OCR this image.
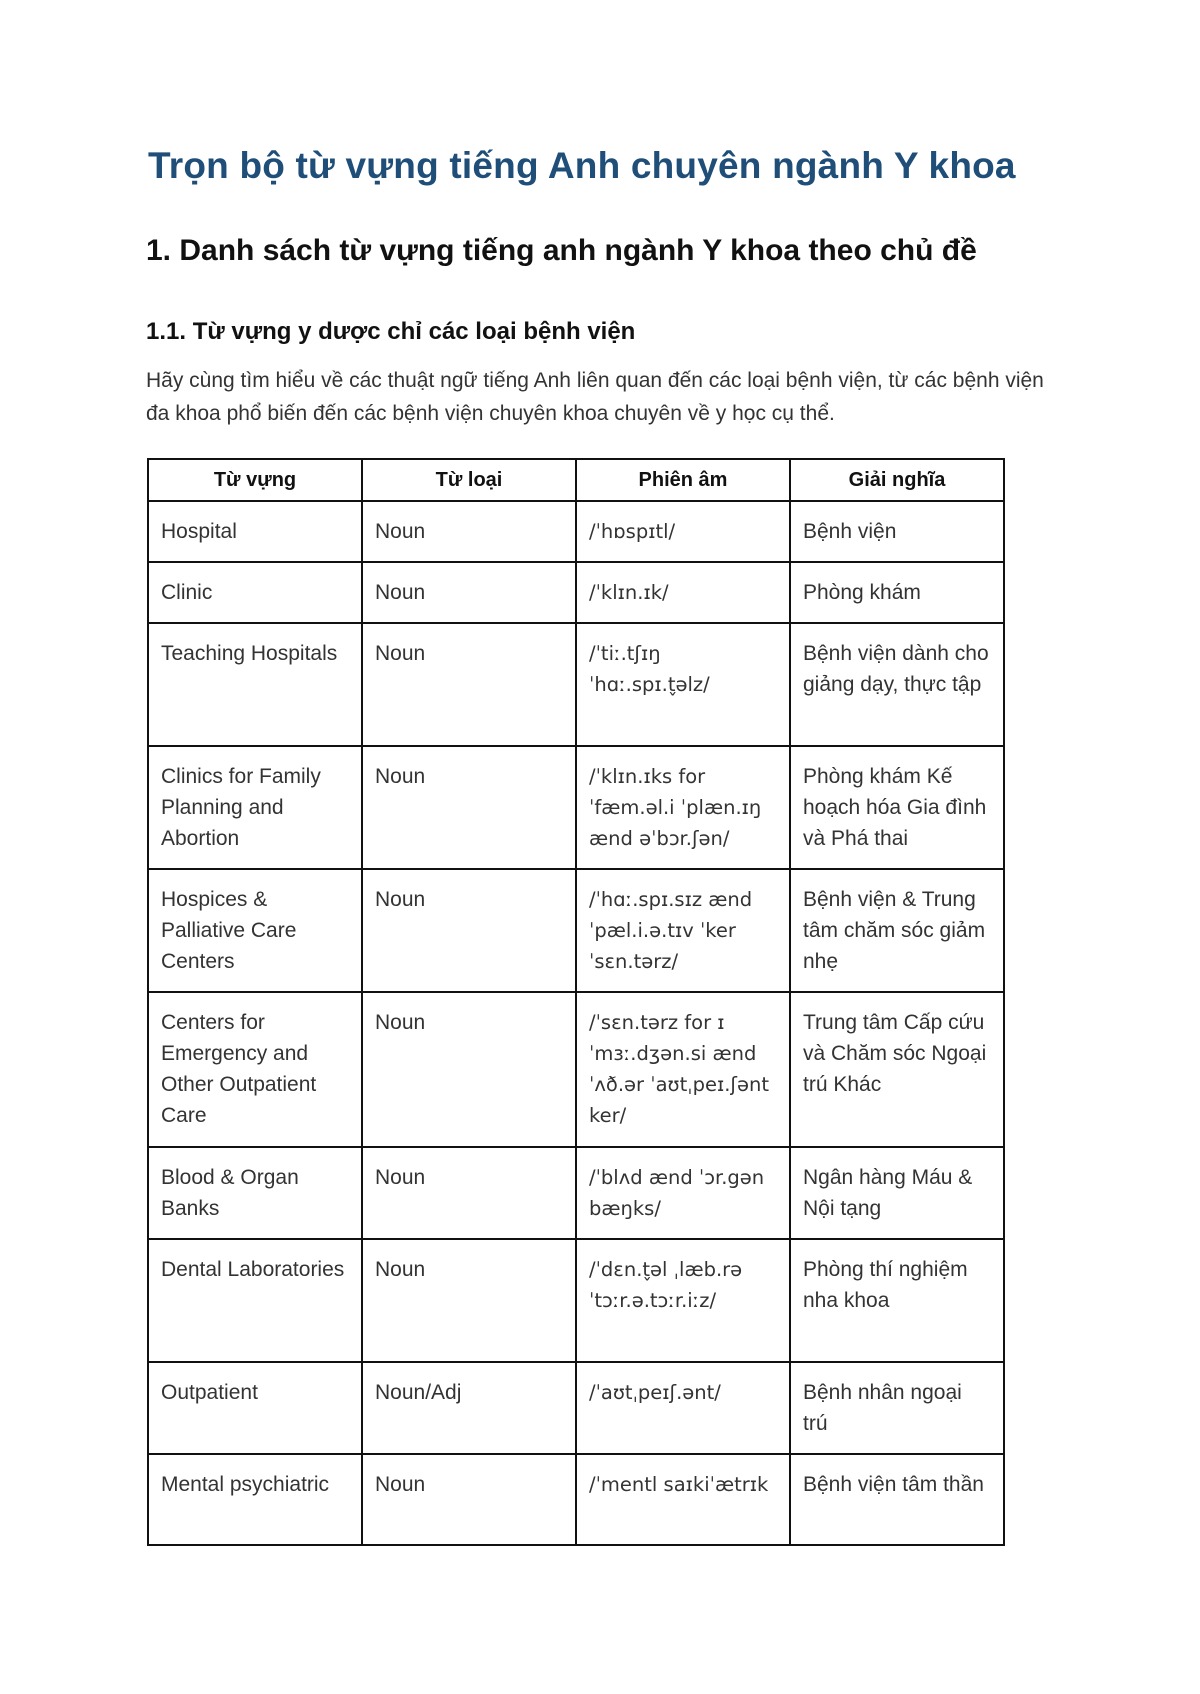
Trọn bộ từ vựng tiếng Anh chuyên ngành Y khoa
1. Danh sách từ vựng tiếng anh ngành Y khoa theo chủ đề
1.1. Từ vựng y dược chỉ các loại bệnh viện

Hãy cùng tìm hiểu về các thuật ngữ tiếng Anh liên quan đến các loại bệnh viện, từ các bệnh viện đa khoa phổ biến đến các bệnh viện chuyên khoa chuyên về y học cụ thể.

Từ vựng	Từ loại	Phiên âm	Giải nghĩa
Hospital	Noun	/ˈhɒspɪtl/	Bệnh viện
Clinic	Noun	/ˈklɪn.ɪk/	Phòng khám
Teaching Hospitals	Noun	/ˈtiː.tʃɪŋ ˈhɑː.spɪ.t̬əlz/	Bệnh viện dành cho giảng dạy, thực tập
Clinics for Family Planning and Abortion	Noun	/ˈklɪn.ɪks for ˈfæm.əl.i ˈplæn.ɪŋ ænd əˈbɔr.ʃən/	Phòng khám Kế hoạch hóa Gia đình và Phá thai
Hospices & Palliative Care Centers	Noun	/ˈhɑː.spɪ.sɪz ænd ˈpæl.i.ə.tɪv ˈker ˈsɛn.tərz/	Bệnh viện & Trung tâm chăm sóc giảm nhẹ
Centers for Emergency and Other Outpatient Care	Noun	/ˈsɛn.tərz for ɪˈmɜː.dʒən.si ænd ˈʌð.ər ˈaʊtˌpeɪ.ʃənt ker/	Trung tâm Cấp cứu và Chăm sóc Ngoại trú Khác
Blood & Organ Banks	Noun	/ˈblʌd ænd ˈɔr.gən bæŋks/	Ngân hàng Máu & Nội tạng
Dental Laboratories	Noun	/ˈdɛn.t̬əl ˌlæb.rəˈtɔːr.ə.tɔːr.iːz/	Phòng thí nghiệm nha khoa
Outpatient	Noun/Adj	/ˈaʊtˌpeɪʃ.ənt/	Bệnh nhân ngoại trú
Mental psychiatric	Noun	/ˈmentl saɪkiˈætrɪk	Bệnh viện tâm thần
